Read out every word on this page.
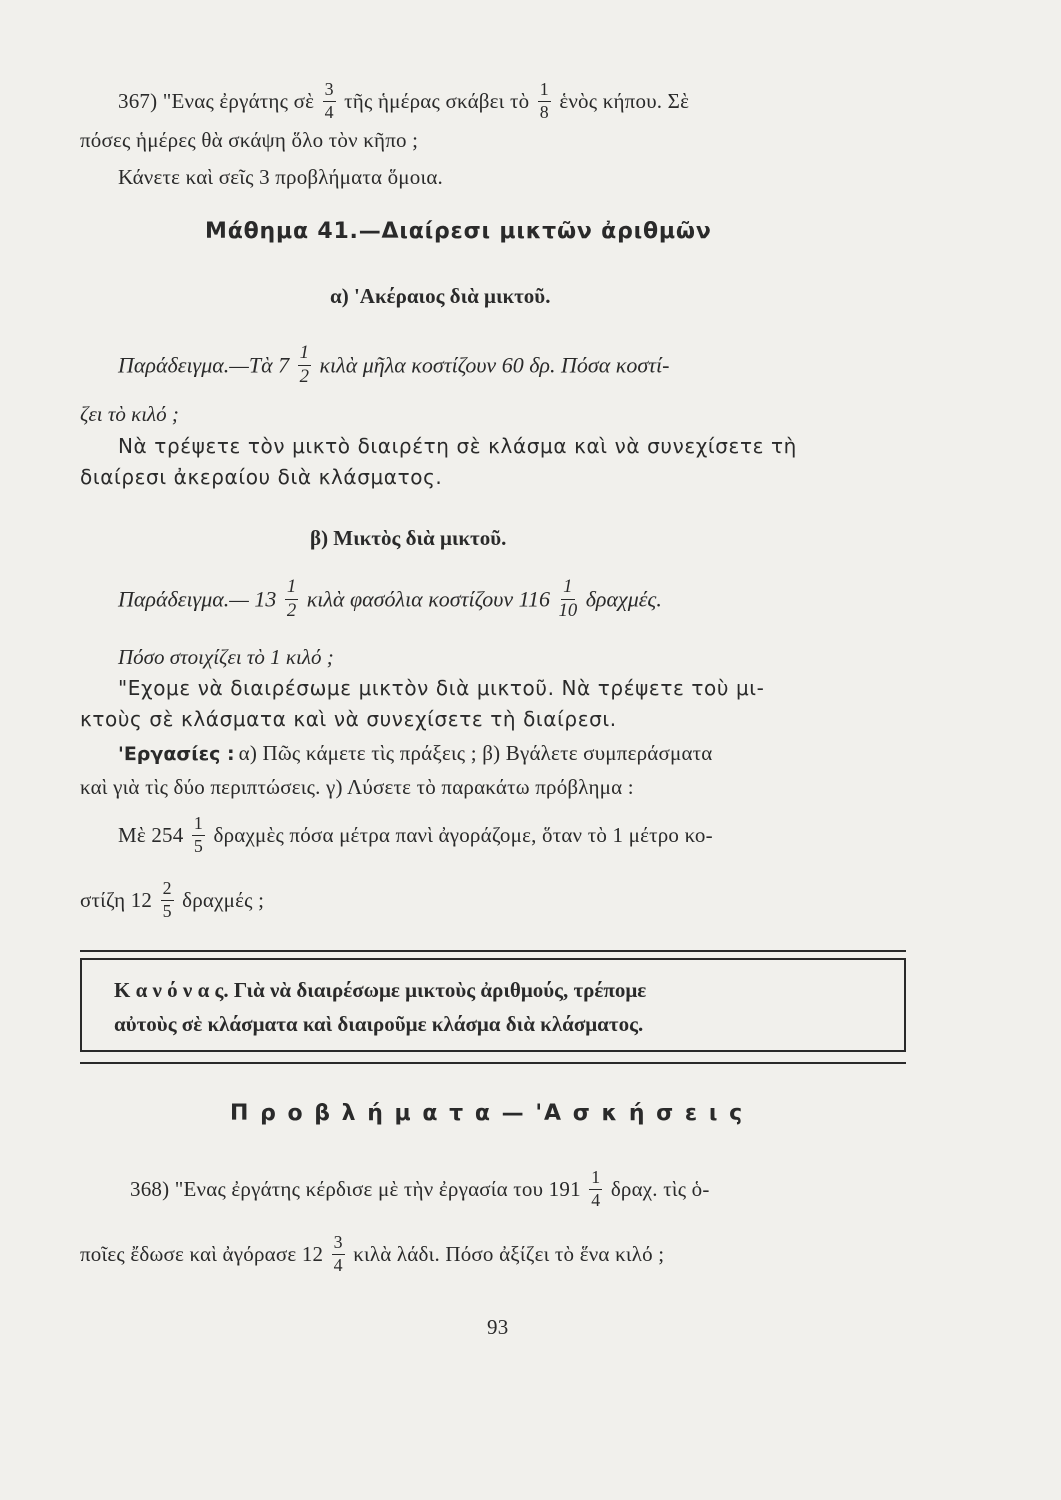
367) "Ενας ἐργάτης σὲ $\frac{3}{4}$ τῆς ἡμέρας σκάβει τὸ $\frac{1}{8}$ ἑνὸς κήπου. Σὲ
πόσες ἡμέρες θὰ σκάψη ὅλο τὸν κῆπο ;
Κάνετε καὶ σεῖς 3 προβλήματα ὅμοια.
Μάθημα 41.—Διαίρεσι μικτῶν ἀριθμῶν
α) 'Ακέραιος διὰ μικτοῦ.
Παράδειγμα.—Τὰ $7 \frac{1}{2}$ κιλὰ μῆλα κοστίζουν 60 δρ. Πόσα κοστί-
ζει τὸ κιλό ;
Νὰ τρέψετε τὸν μικτὸ διαιρέτη σὲ κλάσμα καὶ νὰ συνεχίσετε τὴ
διαίρεσι ἀκεραίου διὰ κλάσματος.
β) Μικτὸς διὰ μικτοῦ.
Παράδειγμα.— $13 \frac{1}{2}$ κιλὰ φασόλια κοστίζουν $116 \frac{1}{10} \delta\rho\alpha\chi\mu έ\varsigma$.
Πόσο στοιχίζει τὸ 1 κιλό ;
"Εχομε νὰ διαιρέσωμε μικτὸν διὰ μικτοῦ. Νὰ τρέψετε τοὺ μι-
κτοὺς σὲ κλάσματα καὶ νὰ συνεχίσετε τὴ διαίρεσι.
'Εργασίες : α) Πῶς κάμετε τὶς πράξεις ; β) Βγάλετε συμπεράσματα
καὶ γιὰ τὶς δύο περιπτώσεις. γ) Λύσετε τὸ παρακάτω πρόβλημα :
Μὲ $254 \frac{1}{5}$ δραχμὲς πόσα μέτρα πανὶ ἀγοράζομε, ὅταν τὸ 1 μέτρο κο-
στίζη $12 \frac{2}{5}$ δραχμές ;
Κ α ν ό ν α ς. Γιὰ νὰ διαιρέσωμε μικτοὺς ἀριθμούς, τρέπομε
αὐτοὺς σὲ κλάσματα καὶ διαιροῦμε κλάσμα διὰ κλάσματος.
Π ρ ο β λ ή μ α τ α — 'Α σ κ ή σ ε ι ς
368) "Ενας ἐργάτης κέρδισε μὲ τὴν ἐργασία του $191 \frac{1}{4} \delta\rho\alpha\chi$. τὶς ὁ-
ποῖες ἔδωσε καὶ ἀγόρασε $12 \frac{3}{4}$ κιλὰ λάδι. Πόσο ἀξίζει τὸ ἕνα κιλό ;
93
